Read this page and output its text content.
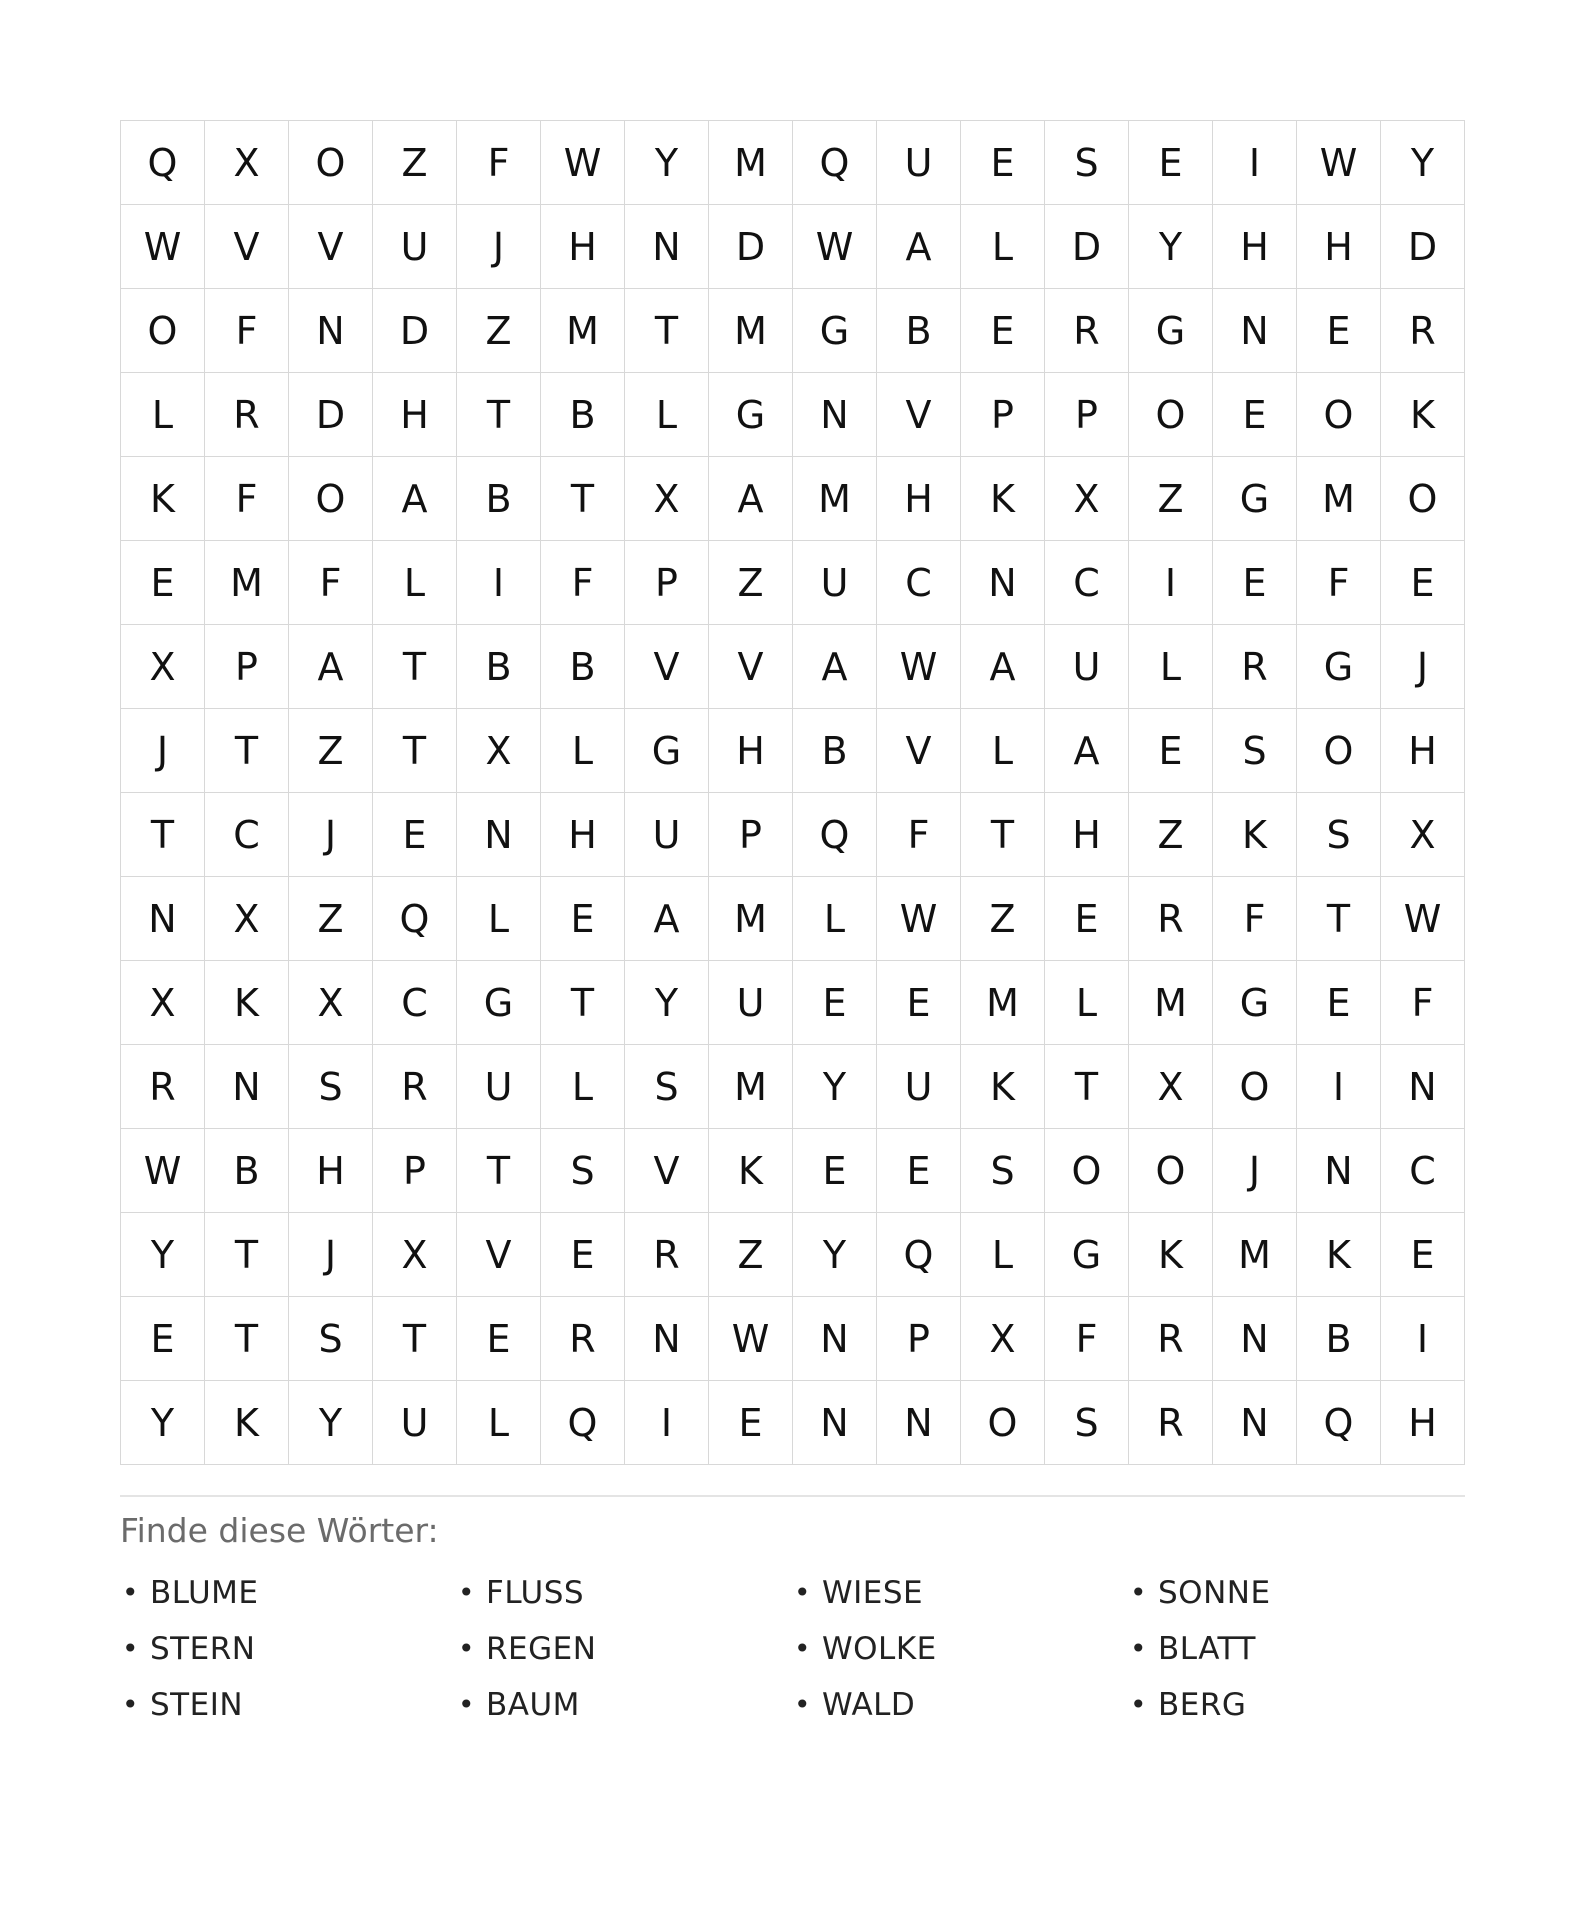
Q	X	O	Z	F	W	Y	M	Q	U	E	S	E	I	W	Y
W	V	V	U	J	H	N	D	W	A	L	D	Y	H	H	D
O	F	N	D	Z	M	T	M	G	B	E	R	G	N	E	R
L	R	D	H	T	B	L	G	N	V	P	P	O	E	O	K
K	F	O	A	B	T	X	A	M	H	K	X	Z	G	M	O
E	M	F	L	I	F	P	Z	U	C	N	C	I	E	F	E
X	P	A	T	B	B	V	V	A	W	A	U	L	R	G	J
J	T	Z	T	X	L	G	H	B	V	L	A	E	S	O	H
T	C	J	E	N	H	U	P	Q	F	T	H	Z	K	S	X
N	X	Z	Q	L	E	A	M	L	W	Z	E	R	F	T	W
X	K	X	C	G	T	Y	U	E	E	M	L	M	G	E	F
R	N	S	R	U	L	S	M	Y	U	K	T	X	O	I	N
W	B	H	P	T	S	V	K	E	E	S	O	O	J	N	C
Y	T	J	X	V	E	R	Z	Y	Q	L	G	K	M	K	E
E	T	S	T	E	R	N	W	N	P	X	F	R	N	B	I
Y	K	Y	U	L	Q	I	E	N	N	O	S	R	N	Q	H
Finde diese Wörter:
• BLUME	• FLUSS	• WIESE	• SONNE
• STERN	• REGEN	• WOLKE	• BLATT
• STEIN	• BAUM	• WALD	• BERG
